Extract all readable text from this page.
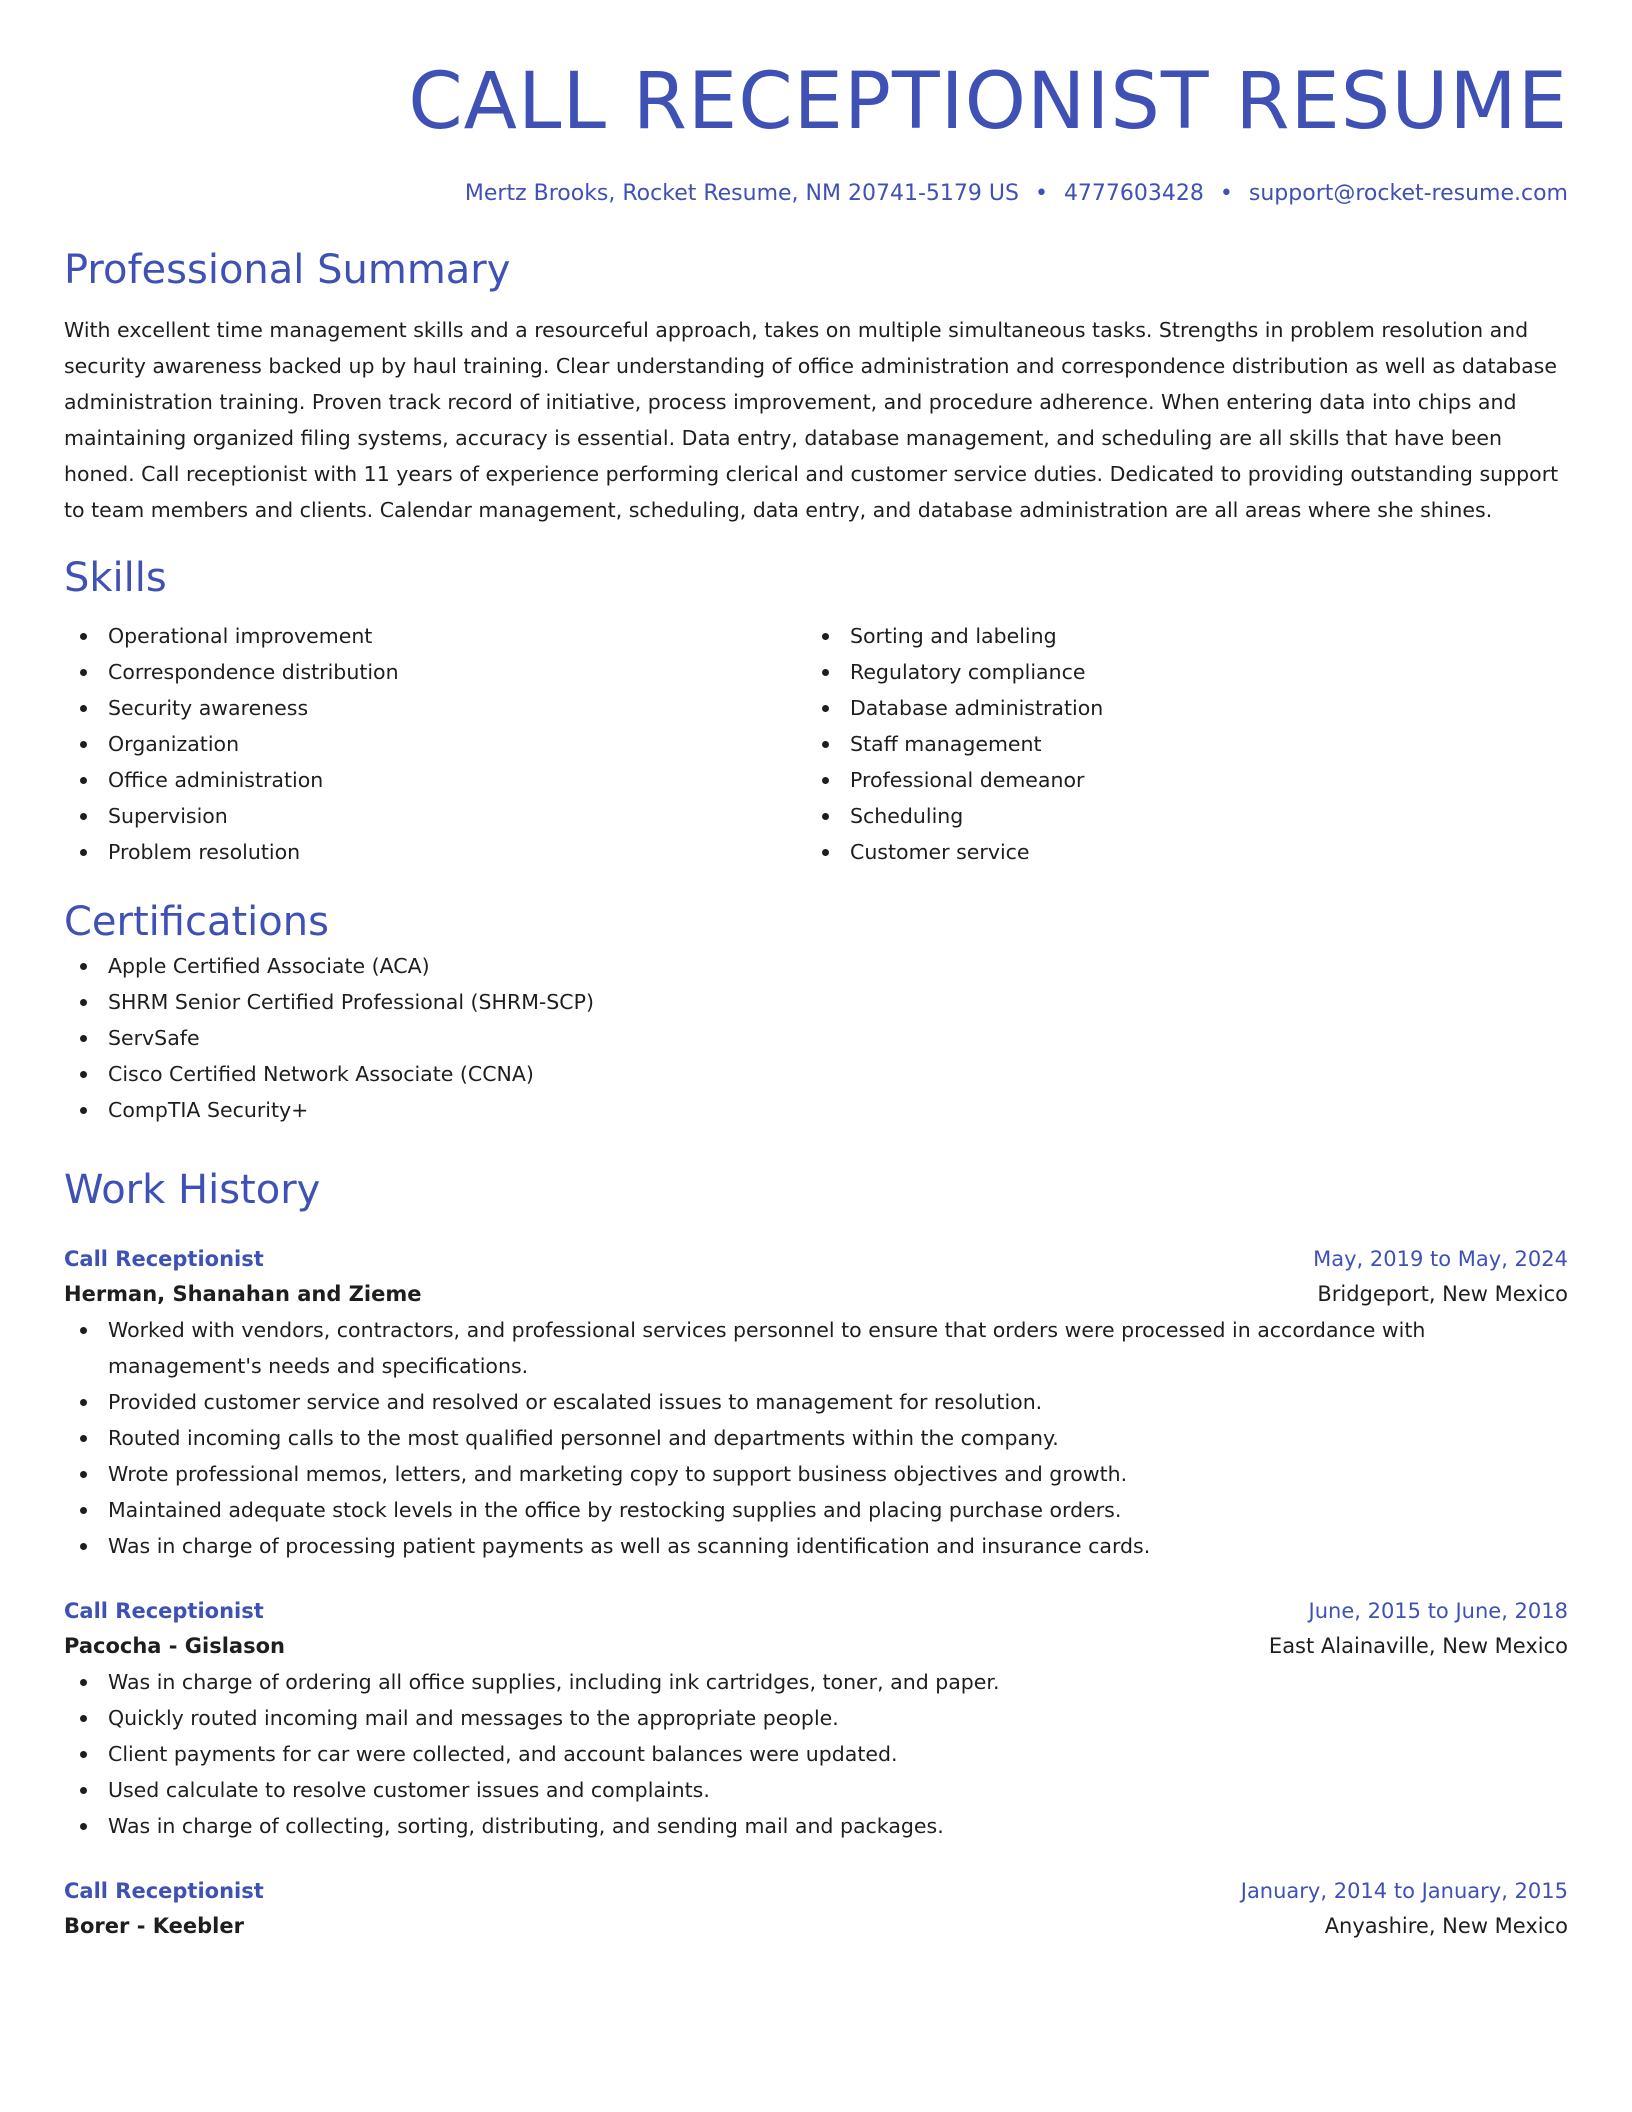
CALL RECEPTIONIST RESUME
Mertz Brooks, Rocket Resume, NM 20741-5179 US • 4777603428 • support@rocket-resume.com
Professional Summary
With excellent time management skills and a resourceful approach, takes on multiple simultaneous tasks. Strengths in problem resolution and security awareness backed up by haul training. Clear understanding of office administration and correspondence distribution as well as database administration training. Proven track record of initiative, process improvement, and procedure adherence. When entering data into chips and maintaining organized filing systems, accuracy is essential. Data entry, database management, and scheduling are all skills that have been honed. Call receptionist with 11 years of experience performing clerical and customer service duties. Dedicated to providing outstanding support to team members and clients. Calendar management, scheduling, data entry, and database administration are all areas where she shines.
Skills
Operational improvement
Correspondence distribution
Security awareness
Organization
Office administration
Supervision
Problem resolution
Sorting and labeling
Regulatory compliance
Database administration
Staff management
Professional demeanor
Scheduling
Customer service
Certifications
Apple Certified Associate (ACA)
SHRM Senior Certified Professional (SHRM-SCP)
ServSafe
Cisco Certified Network Associate (CCNA)
CompTIA Security+
Work History
Call Receptionist	May, 2019 to May, 2024
Herman, Shanahan and Zieme	Bridgeport, New Mexico
Worked with vendors, contractors, and professional services personnel to ensure that orders were processed in accordance with management's needs and specifications.
Provided customer service and resolved or escalated issues to management for resolution.
Routed incoming calls to the most qualified personnel and departments within the company.
Wrote professional memos, letters, and marketing copy to support business objectives and growth.
Maintained adequate stock levels in the office by restocking supplies and placing purchase orders.
Was in charge of processing patient payments as well as scanning identification and insurance cards.
Call Receptionist	June, 2015 to June, 2018
Pacocha - Gislason	East Alainaville, New Mexico
Was in charge of ordering all office supplies, including ink cartridges, toner, and paper.
Quickly routed incoming mail and messages to the appropriate people.
Client payments for car were collected, and account balances were updated.
Used calculate to resolve customer issues and complaints.
Was in charge of collecting, sorting, distributing, and sending mail and packages.
Call Receptionist	January, 2014 to January, 2015
Borer - Keebler	Anyashire, New Mexico
